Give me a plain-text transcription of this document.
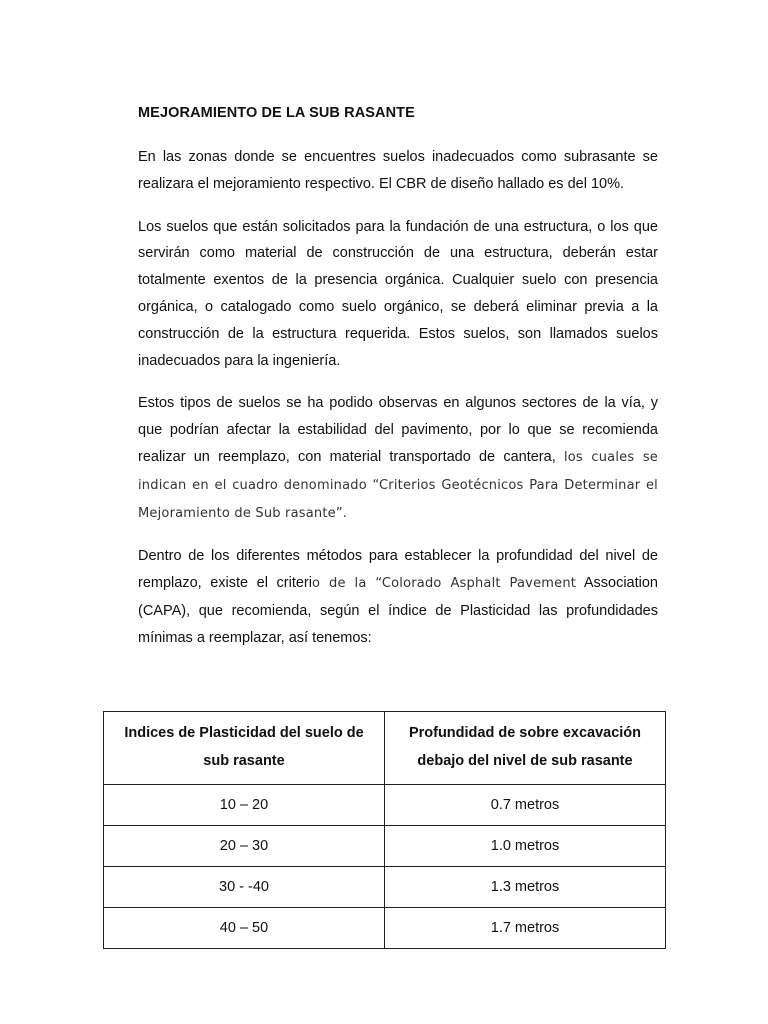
MEJORAMIENTO DE LA SUB RASANTE

En las zonas donde se encuentres suelos inadecuados como subrasante se realizara el mejoramiento respectivo. El CBR de diseño hallado es del 10%.

Los suelos que están solicitados para la fundación de una estructura, o los que servirán como material de construcción de una estructura, deberán estar totalmente exentos de la presencia orgánica. Cualquier suelo con presencia orgánica, o catalogado como suelo orgánico, se deberá eliminar previa a la construcción de la estructura requerida. Estos suelos, son llamados suelos inadecuados para la ingeniería.

Estos tipos de suelos se ha podido observas en algunos sectores de la vía, y que podrían afectar la estabilidad del pavimento, por lo que se recomienda realizar un reemplazo, con material transportado de cantera, los cuales se indican en el cuadro denominado “Criterios Geotécnicos Para Determinar el Mejoramiento de Sub rasante”.

Dentro de los diferentes métodos para establecer la profundidad del nivel de remplazo, existe el criterio de la “Colorado Asphalt Pavement Association (CAPA), que recomienda, según el índice de Plasticidad las profundidades mínimas a reemplazar, así tenemos:

Indices de Plasticidad del suelo de sub rasante	Profundidad de sobre excavación debajo del nivel de sub rasante
10 – 20	0.7 metros
20 – 30	1.0 metros
30 - -40	1.3 metros
40 – 50	1.7 metros
